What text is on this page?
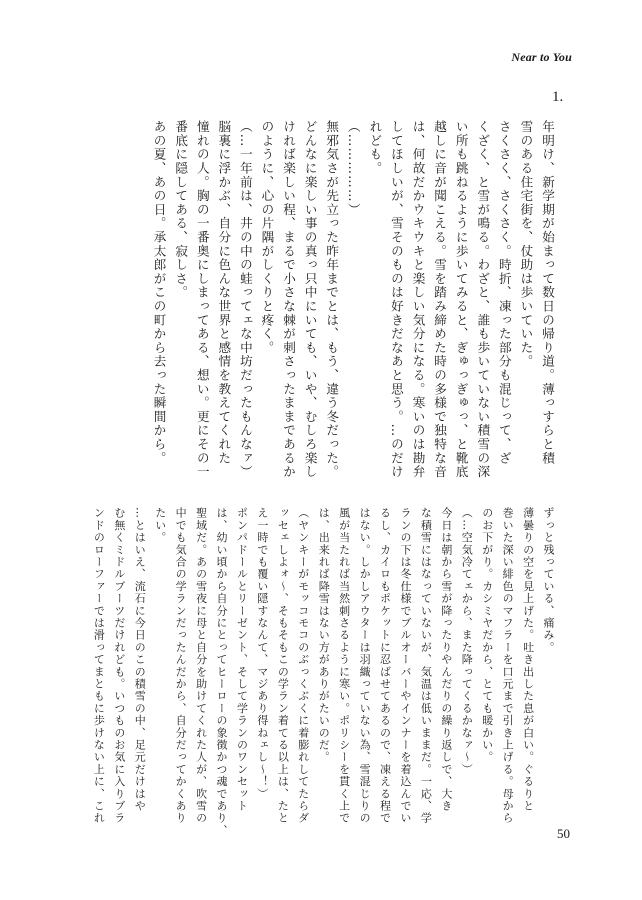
Near to You
1.
年明け、新学期が始まって数日の帰り道。薄っすらと積
雪のある住宅街を、仗助は歩いていた。
さくさく、さくさく。時折、凍った部分も混じって、ざ
くざく、と雪が鳴る。わざと、誰も歩いていない積雪の深
い所も跳ねるように歩いてみると、ぎゅっぎゅっ、と靴底
越しに音が聞こえる。雪を踏み締めた時の多様で独特な音
は、何故だかウキウキと楽しい気分になる。寒いのは勘弁
してほしいが、雪そのものは好きだなあと思う。…のだけ
れども。
（……………）
無邪気さが先立った昨年までとは、もう、違う冬だった。
どんなに楽しい事の真っ只中にいても、いや、むしろ楽し
ければ楽しい程、まるで小さな棘が刺さったままであるか
のように、心の片隅がしくりと疼く。
（…一年前は、井の中の蛙ってェな中坊だったもんなァ）
脳裏に浮かぶ、自分に色んな世界と感情を教えてくれた
憧れの人。胸の一番奥にしまってある、想い。更にその一
番底に隠してある、寂しさ。
あの夏、あの日。承太郎がこの町から去った瞬間から。
ずっと残っている、痛み。
薄曇りの空を見上げた。吐き出した息が白い。ぐるりと
巻いた深い緋色のマフラーを口元まで引き上げる。母から
のお下がり。カシミヤだから、とても暖かい。
（…空気冷てェから、また降ってくるかなァ～）
今日は朝から雪が降ったりやんだりの繰り返しで、大き
な積雪にはなっていないが、気温は低いままだ。一応、学
ランの下は冬仕様でブルオーバーやインナーを着込んでい
るし、カイロもポケットに忍ばせてあるので、凍える程で
はない。しかしアウターは羽織っていない為、雪混じりの
風が当たれば当然刺さるように寒い。ポリシーを貫く上で
は、出来れば降雪はない方がありがたいのだ。
（ヤンキーがモッコモコのぶっくぶくに着膨れしてたらダ
ッセェしよォ～、そもそもこの学ラン着てる以上は、たと
え一時でも覆い隠すなんて、マジあり得ねェし～！）
ポンパドールとリーゼント、そして学ランのワンセット
は、幼い頃から自分にとってヒーローの象徴かつ魂であり、
聖域だ。あの雪夜に母と自分を助けてくれた人が、吹雪の
中でも気合の学ランだったんだから、自分だってかくあり
たい。
…とはいえ、流石に今日のこの積雪の中、足元だけはや
む無くミドルブーツだけれども。いつものお気に入りブラ
ンドのローファーでは滑ってまともに歩けない上に、これ
50
